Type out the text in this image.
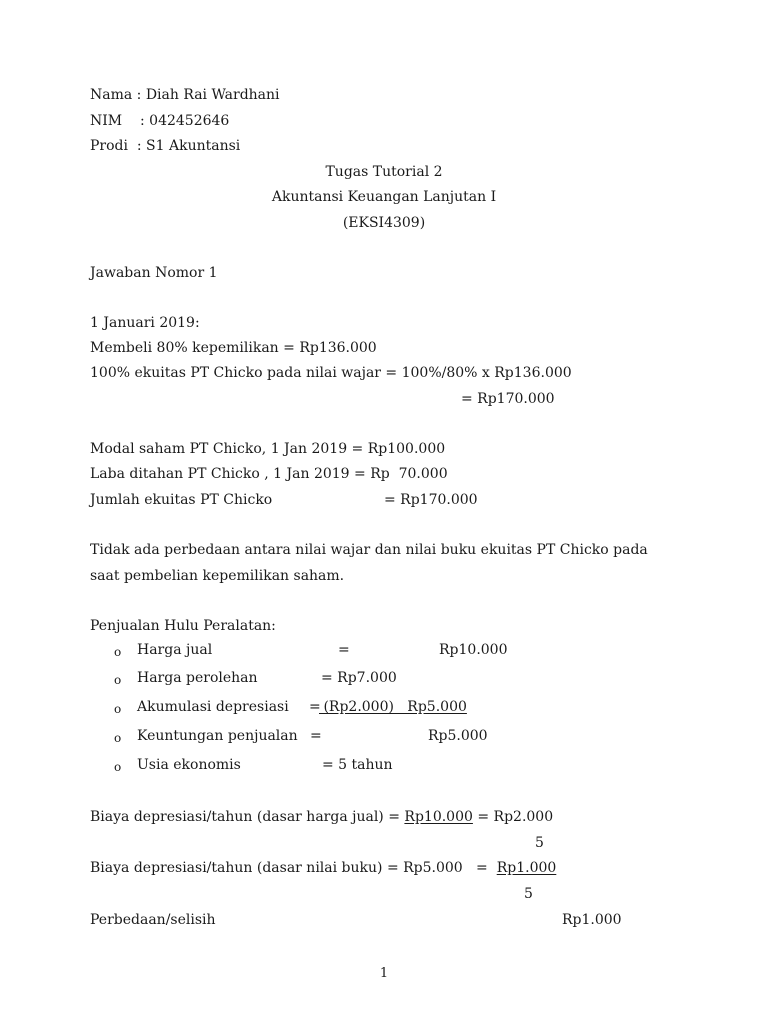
Nama : Diah Rai Wardhani
NIM : 042452646
Prodi  : S1 Akuntansi
Tugas Tutorial 2
Akuntansi Keuangan Lanjutan I
(EKSI4309)
Jawaban Nomor 1
1 Januari 2019:
Membeli 80% kepemilikan = Rp136.000
100% ekuitas PT Chicko pada nilai wajar = 100%/80% x Rp136.000
= Rp170.000
Modal saham PT Chicko, 1 Jan 2019 = Rp100.000
Laba ditahan PT Chicko , 1 Jan 2019 = Rp  70.000
Jumlah ekuitas PT Chicko	= Rp170.000
Tidak ada perbedaan antara nilai wajar dan nilai buku ekuitas PT Chicko pada
saat pembelian kepemilikan saham.
Penjualan Hulu Peralatan:
o Harga jual	=	Rp10.000
o Harga perolehan	= Rp7.000
o Akumulasi depresiasi =
(Rp2.000)   Rp5.000
o Keuntungan penjualan =	Rp5.000
o Usia ekonomis	= 5 tahun
Biaya depresiasi/tahun (dasar harga jual) = Rp10.000 = Rp2.000
5
Biaya depresiasi/tahun (dasar nilai buku) = Rp5.000   =  Rp1.000
5
Perbedaan/selisih	Rp1.000
1
